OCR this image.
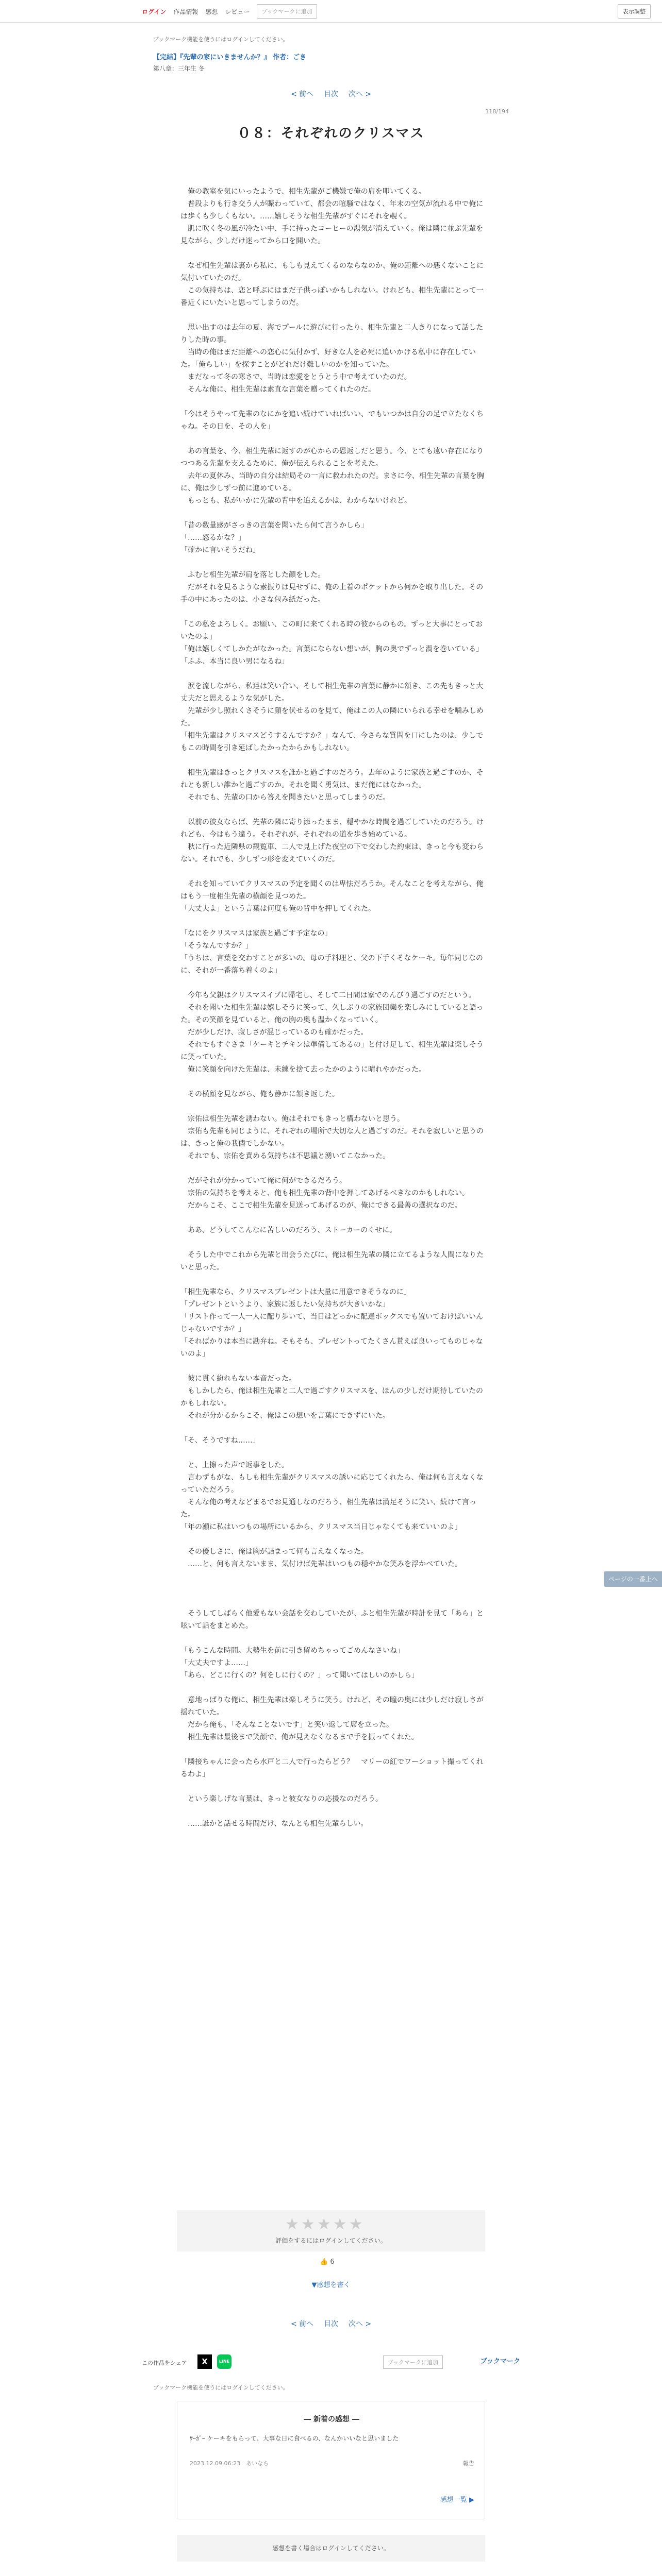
ログイン 作品情報 感想 レビュー	ブックマークに追加	表示調整
ブックマーク機能を使うにはログインしてください。
【完結】『先輩の家にいきませんか？』 作者：ごき
第八章：三年生 冬
< 前へ 目次 次へ >
118/194
０８：それぞれのクリスマス

　俺の教室を気にいったようで、相生先輩がご機嫌で俺の肩を叩いてくる。

　普段よりも行き交う人が賑わっていて、都会の喧騒ではなく、年末の空気が流れる中で俺には歩くも少しくもない。……嬉しそうな相生先輩がすぐにそれを覗く。

　肌に吹く冬の風が冷たい中、手に持ったコーヒーの湯気が消えていく。俺は隣に並ぶ先輩を見ながら、少しだけ迷ってから口を開いた。

　なぜ相生先輩は裏から私に、もしも見えてくるのならなのか、俺の距離への悪くないことに気付いていたのだ。

　この気持ちは、恋と呼ぶにはまだ子供っぽいかもしれない。けれども、相生先輩にとって一番近くにいたいと思ってしまうのだ。

　思い出すのは去年の夏、海でプールに遊びに行ったり、相生先輩と二人きりになって話したりした時の事。

　当時の俺はまだ距離への恋心に気付かず、好きな人を必死に追いかける私中に存在していた。「俺らしい」を探すことがどれだけ難しいのかを知っていた。

　まだなって冬の寒さで、当時は恋愛をとうとう中で考えていたのだ。

　そんな俺に、相生先輩は素直な言葉を贈ってくれたのだ。

「今はそうやって先輩のなにかを追い続けていればいい、でもいつかは自分の足で立たなくちゃね。その日を、その人を」

　あの言葉を、今、相生先輩に返すのが心からの恩返しだと思う。今、とても遠い存在になりつつある先輩を支えるために、俺が伝えられることを考えた。

　去年の夏休み、当時の自分は結局その一言に救われたのだ。まさに今、相生先輩の言葉を胸に、俺は少しずつ前に進めている。

　もっとも、私がいかに先輩の背中を追えるかは、わからないけれど。

「昔の数量感がさっきの言葉を聞いたら何て言うかしら」

「……怒るかな？」

「確かに言いそうだね」

　ふむと相生先輩が肩を落とした顔をした。

　だがそれを見るような素振りは見せずに、俺の上着のポケットから何かを取り出した。その手の中にあったのは、小さな包み紙だった。

「この私をよろしく。お願い、この町に来てくれる時の彼からのもの。ずっと大事にとっておいたのよ」

「俺は嬉しくてしかたがなかった。言葉にならない想いが、胸の奥でずっと渦を巻いている」

「ふふ、本当に良い男になるね」

　涙を流しながら、私達は笑い合い、そして相生先輩の言葉に静かに頷き、この先もきっと大丈夫だと思えるような気がした。

　先輩が少し照れくさそうに顔を伏せるのを見て、俺はこの人の隣にいられる幸せを噛みしめた。

「相生先輩はクリスマスどうするんですか？」なんて、今さらな質問を口にしたのは、少しでもこの時間を引き延ばしたかったからかもしれない。

　相生先輩はきっとクリスマスを誰かと過ごすのだろう。去年のように家族と過ごすのか、それとも新しい誰かと過ごすのか。それを聞く勇気は、まだ俺にはなかった。

　それでも、先輩の口から答えを聞きたいと思ってしまうのだ。

　以前の彼女ならば、先輩の隣に寄り添ったまま、穏やかな時間を過ごしていたのだろう。けれども、今はもう違う。それぞれが、それぞれの道を歩き始めている。

　秋に行った近隣県の観覧車、二人で見上げた夜空の下で交わした約束は、きっと今も変わらない。それでも、少しずつ形を変えていくのだ。

　それを知っていてクリスマスの予定を聞くのは卑怯だろうか。そんなことを考えながら、俺はもう一度相生先輩の横顔を見つめた。

「大丈夫よ」という言葉は何度も俺の背中を押してくれた。

「なにをクリスマスは家族と過ごす予定なの」

「そうなんですか？」

「うちは、言葉を交わすことが多いの。母の手料理と、父の下手くそなケーキ。毎年同じなのに、それが一番落ち着くのよ」

　今年も父親はクリスマスイブに帰宅し、そして二日間は家でのんびり過ごすのだという。

　それを聞いた相生先輩は嬉しそうに笑って、久しぶりの家族団欒を楽しみにしていると語った。その笑顔を見ていると、俺の胸の奥も温かくなっていく。

　だが少しだけ、寂しさが混じっているのも確かだった。

　それでもすぐさま「ケーキとチキンは準備してあるの」と付け足して、相生先輩は楽しそうに笑っていた。

　俺に笑顔を向けた先輩は、未練を捨て去ったかのように晴れやかだった。

　その横顔を見ながら、俺も静かに頷き返した。

　宗佑は相生先輩を誘わない。俺はそれでもきっと構わないと思う。

　宗佑も先輩も同じように、それぞれの場所で大切な人と過ごすのだ。それを寂しいと思うのは、きっと俺の我儘でしかない。

　それでも、宗佑を責める気持ちは不思議と湧いてこなかった。

　だがそれが分かっていて俺に何ができるだろう。

　宗佑の気持ちを考えると、俺も相生先輩の背中を押してあげるべきなのかもしれない。

　だからこそ、ここで相生先輩を見送ってあげるのが、俺にできる最善の選択なのだ。

　ああ、どうしてこんなに苦しいのだろう、ストーカーのくせに。

　そうした中でこれから先輩と出会うたびに、俺は相生先輩の隣に立てるような人間になりたいと思った。

「相生先輩なら、クリスマスプレゼントは大量に用意できそうなのに」

「プレゼントというより、家族に返したい気持ちが大きいかな」

「リスト作って一人一人に配り歩いて、当日はどっかに配達ボックスでも置いておけばいいんじゃないですか？」

「そればかりは本当に勘弁ね。そもそも、プレゼントってたくさん貰えば良いってものじゃないのよ」

　彼に貫く紛れもない本音だった。

　もしかしたら、俺は相生先輩と二人で過ごすクリスマスを、ほんの少しだけ期待していたのかもしれない。

　それが分かるからこそ、俺はこの想いを言葉にできずにいた。

「そ、そうですね……」

　と、上擦った声で返事をした。

　言わずもがな、もしも相生先輩がクリスマスの誘いに応じてくれたら、俺は何も言えなくなっていただろう。

　そんな俺の考えなどまるでお見通しなのだろう、相生先輩は満足そうに笑い、続けて言った。

「年の瀬に私はいつもの場所にいるから、クリスマス当日じゃなくても来ていいのよ」

　その優しさに、俺は胸が詰まって何も言えなくなった。

　……と、何も言えないまま、気付けば先輩はいつもの穏やかな笑みを浮かべていた。

　そうしてしばらく他愛もない会話を交わしていたが、ふと相生先輩が時計を見て「あら」と呟いて話をまとめた。

「もうこんな時間。大勢生を前に引き留めちゃってごめんなさいね」

「大丈夫ですよ……」

「あら、どこに行くの？何をしに行くの？」って聞いてはしいのかしら」

　意地っぱりな俺に、相生先輩は楽しそうに笑う。けれど、その瞳の奥には少しだけ寂しさが揺れていた。

　だから俺も、「そんなことないです」と笑い返して席を立った。

　相生先輩は最後まで笑顔で、俺が見えなくなるまで手を振ってくれた。

「隣接ちゃんに会ったら水戸と二人で行ったらどう？　マリーの紅でワーショット撮ってくれるわよ」

　という楽しげな言葉は、きっと彼女なりの応援なのだろう。

　……誰かと話せる時間だけ、なんとも相生先輩らしい。

ページの一番上へ
★ ★ ★ ★ ★
評価をするにはログインしてください。
👍 6
▼感想を書く
< 前へ 目次 次へ >
この作品をシェア	X	LINE	ブックマークに追加	ブックマーク
ブックマーク機能を使うにはログインしてください。
― 新着の感想 ―
ｻｰｶﾞｰ ケーキをもらって、大事な日に食べるの、なんかいいなと思いました
2023.12.09 06:23　あいなち	報告
感想一覧 ▶
感想を書く場合はログインしてください。
